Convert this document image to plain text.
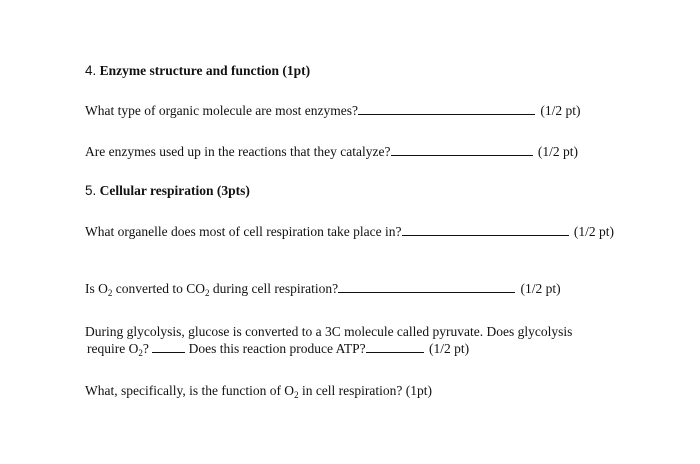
4. Enzyme structure and function (1pt)
What type of organic molecule are most enzymes?	(1/2 pt)
Are enzymes used up in the reactions that they catalyze?	(1/2 pt)
5. Cellular respiration (3pts)
What organelle does most of cell respiration take place in?	(1/2 pt)
Is $O_2$ converted to $CO_2$ during cell respiration?	(1/2 pt)
During glycolysis, glucose is converted to a 3C molecule called pyruvate. Does glycolysis
require $O_2$?  Does this reaction produce ATP?	(1/2 pt)
What, specifically, is the function of $O_2$ in cell respiration? (1pt)
